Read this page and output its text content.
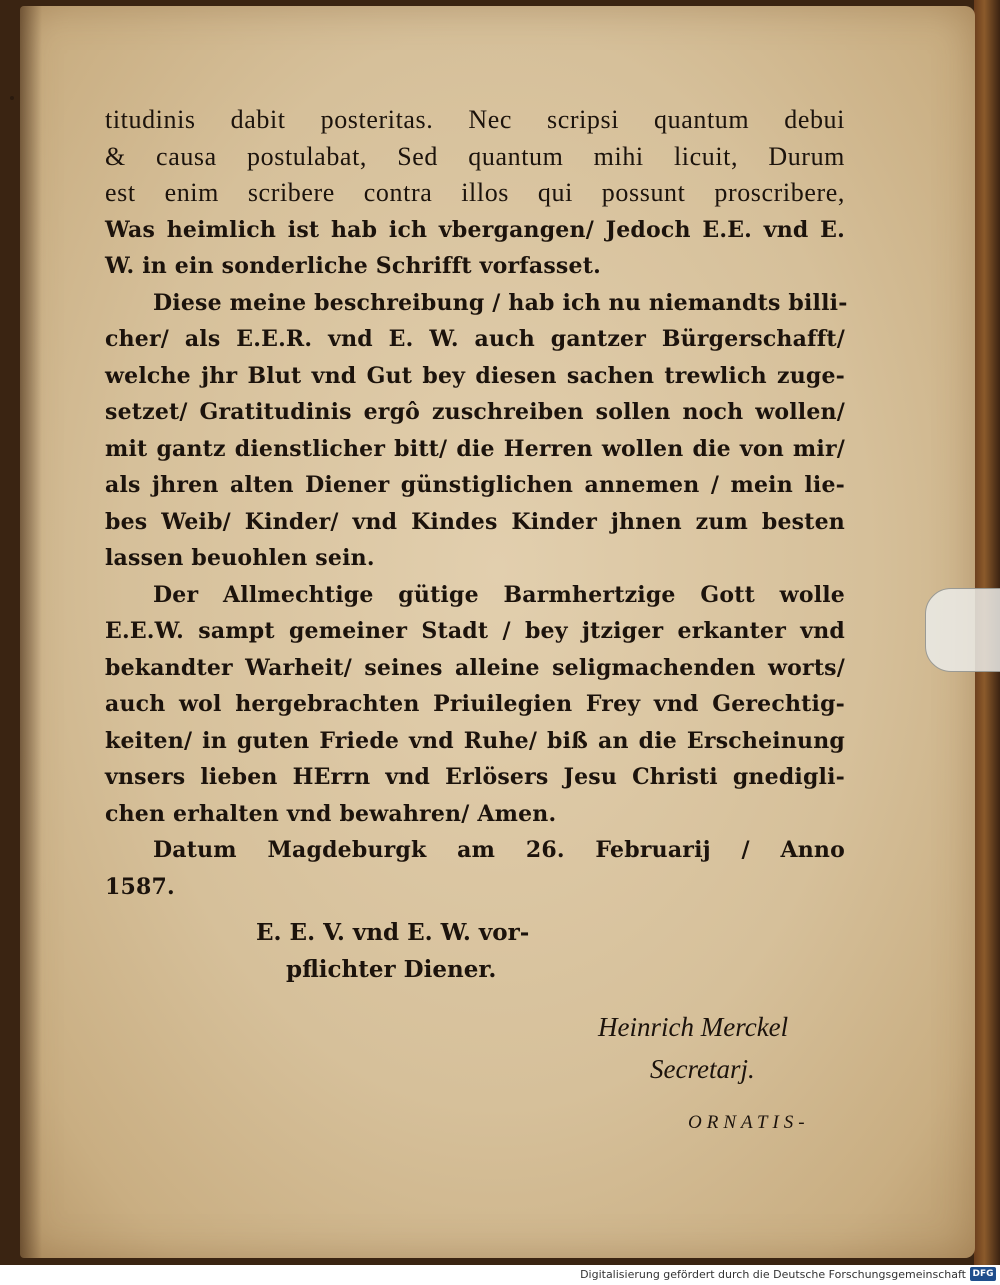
titudinis dabit posteritas. Nec scripsi quantum debui
& causa postulabat, Sed quantum mihi licuit, Durum
est enim scribere contra illos qui possunt proscribere,
Was heimlich ist hab ich vbergangen/ Jedoch E.E. vnd E.
W. in ein sonderliche Schrifft vorfasset.
Diese meine beschreibung / hab ich nu niemandts billi-
cher/ als E.E.R. vnd E. W. auch gantzer Bürgerschafft/
welche jhr Blut vnd Gut bey diesen sachen trewlich zuge-
setzet/ Gratitudinis ergô zuschreiben sollen noch wollen/
mit gantz dienstlicher bitt/ die Herren wollen die von mir/
als jhren alten Diener günstiglichen annemen / mein lie-
bes Weib/ Kinder/ vnd Kindes Kinder jhnen zum besten
lassen beuohlen sein.
Der Allmechtige gütige Barmhertzige Gott wolle
E.E.W. sampt gemeiner Stadt / bey jtziger erkanter vnd
bekandter Warheit/ seines alleine seligmachenden worts/
auch wol hergebrachten Priuilegien Frey vnd Gerechtig-
keiten/ in guten Friede vnd Ruhe/ biß an die Erscheinung
vnsers lieben HErrn vnd Erlösers Jesu Christi gnedigli-
chen erhalten vnd bewahren/ Amen.
Datum Magdeburgk am 26. Februarij / Anno
1587.
E. E. V. vnd E. W. vor-
pflichter Diener.
Heinrich Merckel
Secretarj.
ORNATIS-
Digitalisierung gefördert durch die Deutsche Forschungsgemeinschaft DFG
